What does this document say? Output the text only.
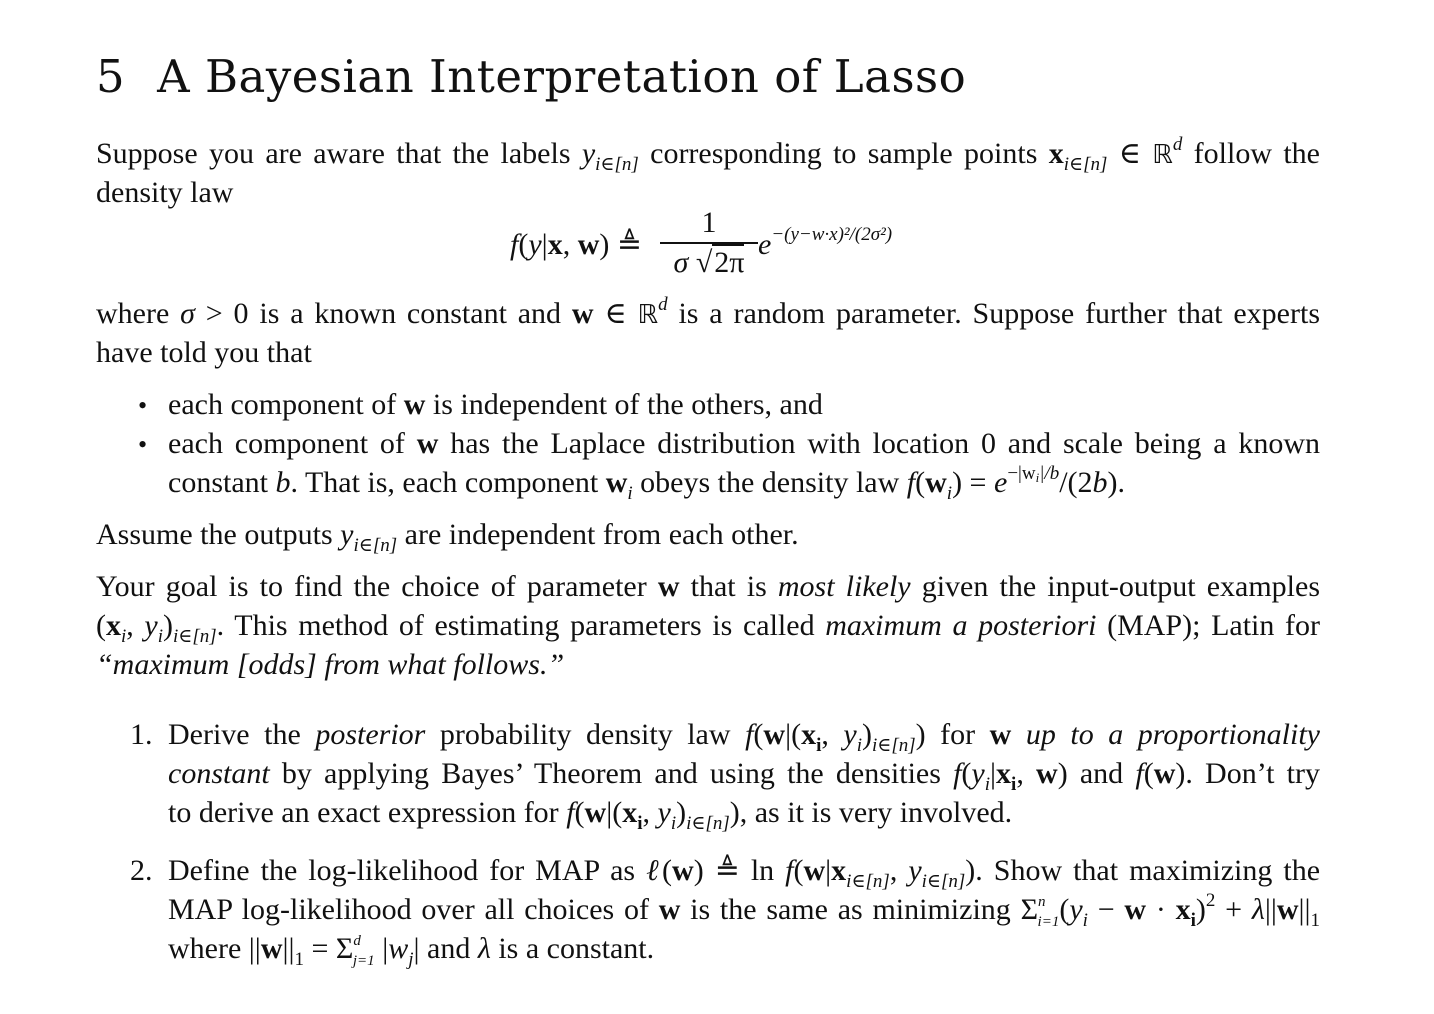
5 A Bayesian Interpretation of Lasso
Suppose you are aware that the labels $y_{i\in[n]}$ corresponding to sample points $x_{i\in[n]}$ ∈ ℝ$^d$ follow the
density law
f(y|x, w) ≜
1
σ √2π
$e^{-(y-w\cdot x)^2/(2\sigma^2)}$
where σ > 0 is a known constant and w ∈ ℝ$^d$ is a random parameter. Suppose further that experts
have told you that
• each component of w is independent of the others, and
• each component of w has the Laplace distribution with location 0 and scale being a known
constant b. That is, each component $w_i$ obeys the density law $f(w_i) = e^{-|wi|/b}/(2b)$.
Assume the outputs $y_{i\in[n]}$ are independent from each other.
Your goal is to find the choice of parameter w that is most likely given the input-output examples
($x_i$, $y_i)_{i\in[n]}$. This method of estimating parameters is called maximum a posteriori (MAP); Latin for
“maximum [odds] from what follows.”
1. Derive the posterior probability density law $f(w|(x_i$, $y_i)_{i\in[n]}$) for w up to a proportionality
constant by applying Bayes’ Theorem and using the densities $f(y_i|x_i$, w) and f(w). Don’t try
to derive an exact expression for $f(w|(x_i$, $y_i)_{i\in[n]}$), as it is very involved.
2. Define the log-likelihood for MAP as ℓ(w) ≜ $\ln f(w|x_{i\in[n]}$, $y_{i\in[n]}$). Show that maximizing the
MAP log-likelihood over all choices of w is the same as minimizing $\Sigma^n_{i=1}(y_i - w \cdot x_i)^2 + \lambda||w||_1$
where $||w||_1 = \Sigma^d_{j=1}$ $|w_j|$ and λ is a constant.
